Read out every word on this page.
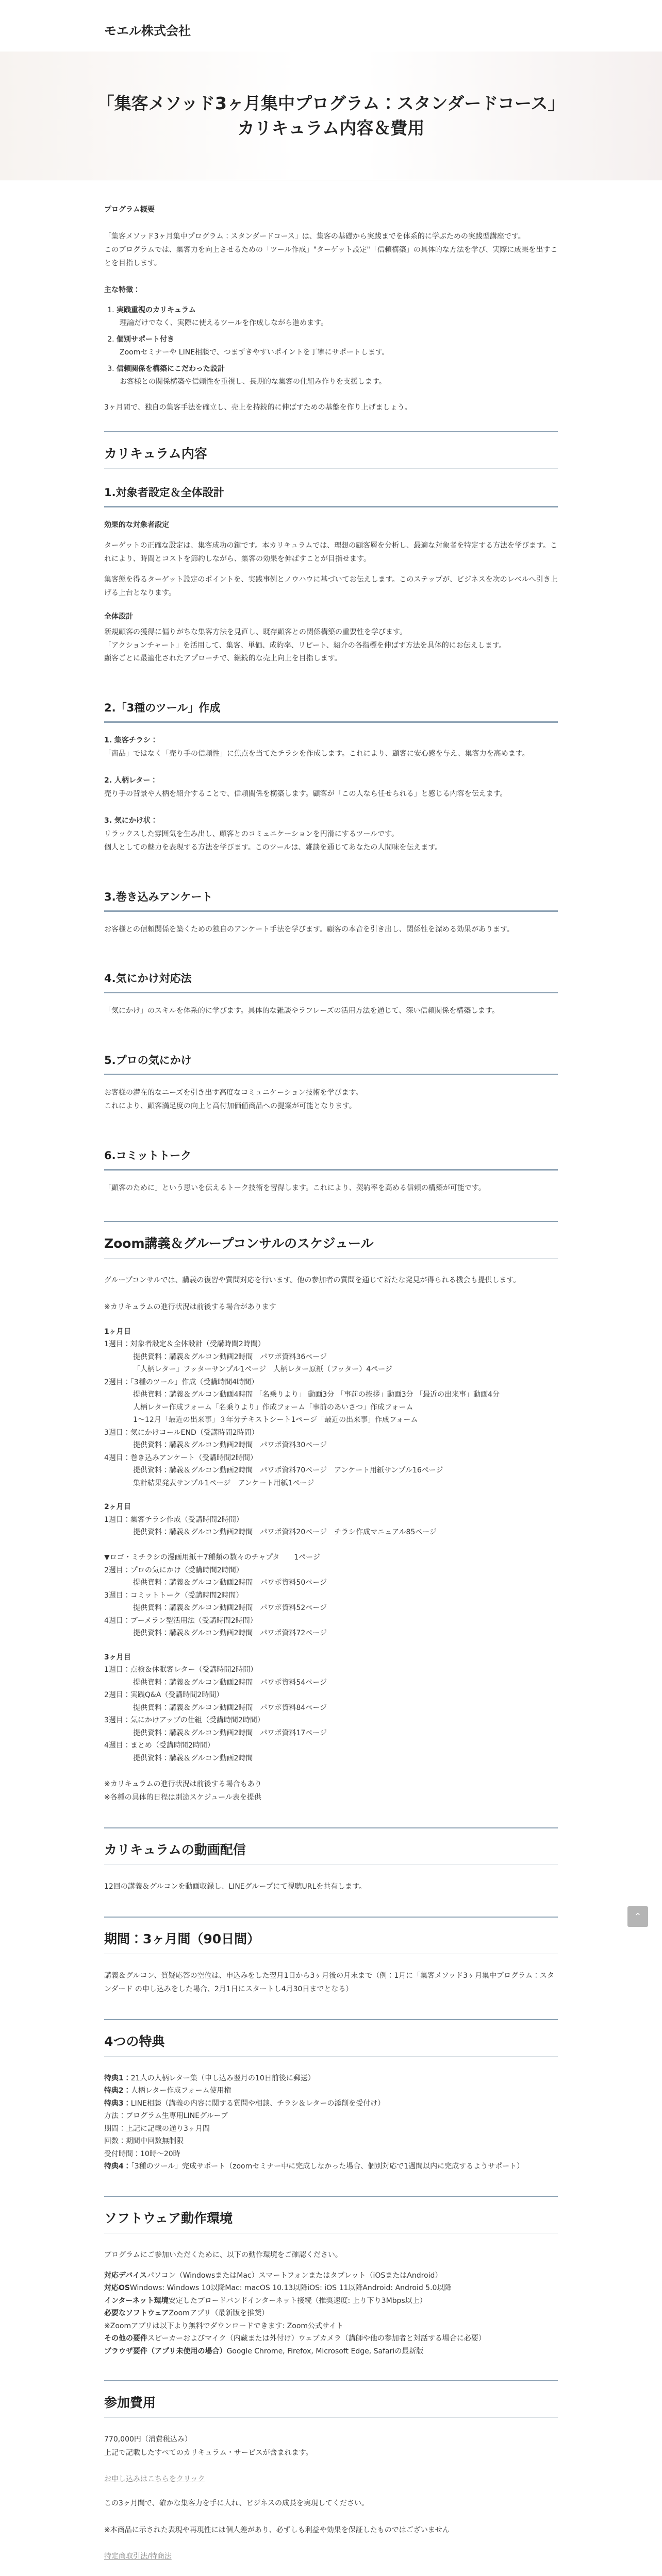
モエル株式会社
「集客メソッド3ヶ月集中プログラム：スタンダードコース」
カリキュラム内容＆費用

プログラム概要

「集客メソッド3ヶ月集中プログラム：スタンダードコース」は、集客の基礎から実践までを体系的に学ぶための実践型講座です。
このプログラムでは、集客力を向上させるための「ツール作成」"ターゲット設定"「信頼構築」の具体的な方法を学び、実際に成果を出すことを目指します。

主な特徴：

1. 実践重視のカリキュラム
理論だけでなく、実際に使えるツールを作成しながら進めます。
2. 個別サポート付き
Zoomセミナーや LINE相談で、つまずきやすいポイントを丁寧にサポートします。
3. 信頼関係を構築にこだわった設計
お客様との関係構築や信頼性を重視し、長期的な集客の仕組み作りを支援します。

3ヶ月間で、独自の集客手法を確立し、売上を持続的に伸ばすための基盤を作り上げましょう。

カリキュラム内容
1.対象者設定＆全体設計

効果的な対象者設定

ターゲットの正確な設定は、集客成功の鍵です。本カリキュラムでは、理想の顧客層を分析し、最適な対象者を特定する方法を学びます。これにより、時間とコストを節約しながら、集客の効果を伸ばすことが目指せます。

集客態を得るターゲット設定のポイントを、実践事例とノウハウに基づいてお伝えします。このステップが、ビジネスを次のレベルへ引き上げる上台となります。

全体設計

新規顧客の獲得に偏りがちな集客方法を見直し、既存顧客との関係構築の重要性を学びます。
「アクションチャート」を活用して、集客、単価、成約率、リピート、紹介の各指標を伸ばす方法を具体的にお伝えします。
顧客ごとに最適化されたアプローチで、継続的な売上向上を目指します。

2.「3種のツール」作成

1. 集客チラシ：
「商品」ではなく「売り手の信頼性」に焦点を当てたチラシを作成します。これにより、顧客に安心感を与え、集客力を高めます。

2. 人柄レター：
売り手の背景や人柄を紹介することで、信頼関係を構築します。顧客が「この人なら任せられる」と感じる内容を伝えます。

3. 気にかけ状：
リラックスした雰囲気を生み出し、顧客とのコミュニケーションを円滑にするツールです。
個人としての魅力を表現する方法を学びます。このツールは、雑談を通じてあなたの人間味を伝えます。

3.巻き込みアンケート

お客様との信頼関係を築くための独自のアンケート手法を学びます。顧客の本音を引き出し、関係性を深める効果があります。

4.気にかけ対応法

「気にかけ」のスキルを体系的に学びます。具体的な雑談やラフレーズの活用方法を通じて、深い信頼関係を構築します。

5.プロの気にかけ

お客様の潜在的なニーズを引き出す高度なコミュニケーション技術を学びます。
これにより、顧客満足度の向上と高付加価値商品への提案が可能となります。

6.コミットトーク

「顧客のために」という思いを伝えるトーク技術を習得します。これにより、契約率を高める信頼の構築が可能です。

Zoom講義＆グループコンサルのスケジュール

グループコンサルでは、講義の復習や質問対応を行います。他の参加者の質問を通じて新たな発見が得られる機会も提供します。

※カリキュラムの進行状況は前後する場合があります

1ヶ月目
1週目：対象者設定＆全体設計（受講時間2時間）
提供資料：講義＆グルコン動画2時間　パワポ資料36ページ
「人柄レター」フッターサンプル1ページ　人柄レター原紙（フッター）4ページ
2週目：「3種のツール」作成（受講時間4時間）
提供資料：講義＆グルコン動画4時間 「名乗りより」 動画3分 「事前の挨拶」動画3分 「最近の出来事」動画4分
人柄レター作成フォーム「名乗りより」作成フォーム「事前のあいさつ」作成フォーム
1〜12月「最近の出来事」３年分テキストシート1ページ「最近の出来事」作成フォーム
3週目：気にかけコールEND（受講時間2時間）
提供資料：講義＆グルコン動画2時間　パワポ資料30ページ
4週目：巻き込みアンケート（受講時間2時間）
提供資料：講義＆グルコン動画2時間　パワポ資料70ページ　アンケート用紙サンプル16ページ
集計結果発表サンプル1ページ　アンケート用紙1ページ
2ヶ月目
1週目：集客チラシ作成（受講時間2時間）
提供資料：講義＆グルコン動画2時間　パワポ資料20ページ　チラシ作成マニュアル85ページ

▼ロゴ・ミチラシの漫画用紙＋7種類の数々のチャプタ　　1ページ
2週目：プロの気にかけ（受講時間2時間）
提供資料：講義＆グルコン動画2時間　パワポ資料50ページ
3週目：コミットトーク（受講時間2時間）
提供資料：講義＆グルコン動画2時間　パワポ資料52ページ
4週目：ブーメラン型活用法（受講時間2時間）
提供資料：講義＆グルコン動画2時間　パワポ資料72ページ
3ヶ月目
1週目：点検＆休眠客レター（受講時間2時間）
提供資料：講義＆グルコン動画2時間　パワポ資料54ページ
2週目：実践Q&A（受講時間2時間）
提供資料：講義＆グルコン動画2時間　パワポ資料84ページ
3週目：気にかけアップの仕組（受講時間2時間）
提供資料：講義＆グルコン動画2時間　パワポ資料17ページ
4週目：まとめ（受講時間2時間）
提供資料：講義＆グルコン動画2時間
※カリキュラムの進行状況は前後する場合もあり
※各種の具体的日程は別途スケジュール表を提供
カリキュラムの動画配信

12回の講義＆グルコンを動画収録し、LINEグループにて視聴URLを共有します。

期間：3ヶ月間（90日間）

講義＆グルコン、質疑応答の空位は、申込みをした翌月1日から3ヶ月後の月末まで（例：1月に「集客メソッド3ヶ月集中プログラム：スタンダード の申し込みをした場合、2月1日にスタートし4月30日までとなる）

4つの特典
特典1：21人の人柄レター集（申し込み翌月の10日前後に郵送）
特典2：人柄レター作成フォーム使用権
特典3：LINE相談（講義の内容に関する質問や相談、チラシ＆レターの添削を受付け）
方法：プログラム生専用LINEグループ
期間：上記に記載の通り3ヶ月間
回数：期間中回数無制限
受付時間：10時〜20時
特典4：「3種のツール」完成サポート（zoomセミナー中に完成しなかった場合、個別対応で1週間以内に完成するようサポート）
ソフトウェア動作環境

プログラムにご参加いただくために、以下の動作環境をご確認ください。

対応デバイスパソコン（WindowsまたはMac）スマートフォンまたはタブレット（iOSまたはAndroid）
対応OSWindows: Windows 10以降Mac: macOS 10.13以降iOS: iOS 11以降Android: Android 5.0以降
インターネット環境安定したブロードバンドインターネット接続（推奨速度: 上り下り3Mbps以上）
必要なソフトウェアZoomアプリ（最新版を推奨）
※Zoomアプリは以下より無料でダウンロードできます: Zoom公式サイト
その他の要件スピーカーおよびマイク（内蔵または外付け）ウェブカメラ（講師や他の参加者と対話する場合に必要）
ブラウザ要件（アプリ未使用の場合）Google Chrome, Firefox, Microsoft Edge, Safariの最新版
参加費用
770,000円（消費税込み）
上記で記載したすべてのカリキュラム・サービスが含まれます。
お申し込みはこちらをクリック
この3ヶ月間で、確かな集客力を手に入れ、ビジネスの成長を実現してください。
※本商品に示された表現や再現性には個人差があり、必ずしも利益や効果を保証したものではございません
特定商取引法/特商法
⌃
